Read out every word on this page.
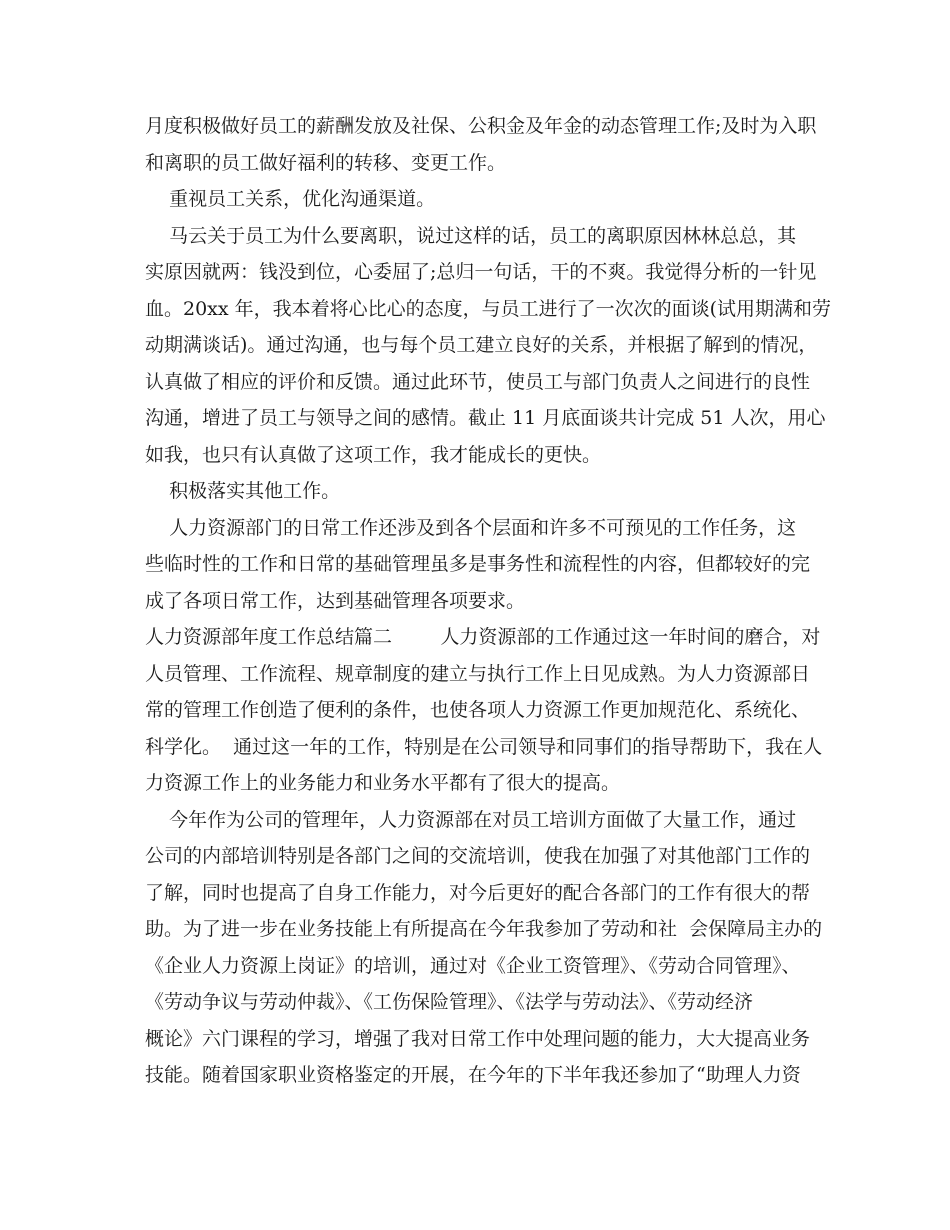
月度积极做好员工的薪酬发放及社保、公积金及年金的动态管理工作;及时为入职
和离职的员工做好福利的转移、变更工作。
重视员工关系，优化沟通渠道。
马云关于员工为什么要离职，说过这样的话，员工的离职原因林林总总，其
实原因就两：钱没到位，心委屈了;总归一句话，干的不爽。我觉得分析的一针见
血。20xx 年，我本着将心比心的态度，与员工进行了一次次的面谈(试用期满和劳
动期满谈话)。通过沟通，也与每个员工建立良好的关系，并根据了解到的情况，
认真做了相应的评价和反馈。通过此环节，使员工与部门负责人之间进行的良性
沟通，增进了员工与领导之间的感情。截止 11 月底面谈共计完成 51 人次，用心
如我，也只有认真做了这项工作，我才能成长的更快。
积极落实其他工作。
人力资源部门的日常工作还涉及到各个层面和许多不可预见的工作任务，这
些临时性的工作和日常的基础管理虽多是事务性和流程性的内容，但都较好的完
成了各项日常工作，达到基础管理各项要求。
人力资源部年度工作总结篇二        人力资源部的工作通过这一年时间的磨合，对
人员管理、工作流程、规章制度的建立与执行工作上日见成熟。为人力资源部日
常的管理工作创造了便利的条件，也使各项人力资源工作更加规范化、系统化、
科学化。  通过这一年的工作，特别是在公司领导和同事们的指导帮助下，我在人
力资源工作上的业务能力和业务水平都有了很大的提高。
今年作为公司的管理年，人力资源部在对员工培训方面做了大量工作，通过
公司的内部培训特别是各部门之间的交流培训，使我在加强了对其他部门工作的
了解，同时也提高了自身工作能力，对今后更好的配合各部门的工作有很大的帮
助。为了进一步在业务技能上有所提高在今年我参加了劳动和社  会保障局主办的
《企业人力资源上岗证》的培训，通过对《企业工资管理》、《劳动合同管理》、
《劳动争议与劳动仲裁》、《工伤保险管理》、《法学与劳动法》、《劳动经济
概论》六门课程的学习，增强了我对日常工作中处理问题的能力，大大提高业务
技能。随着国家职业资格鉴定的开展，在今年的下半年我还参加了“助理人力资
